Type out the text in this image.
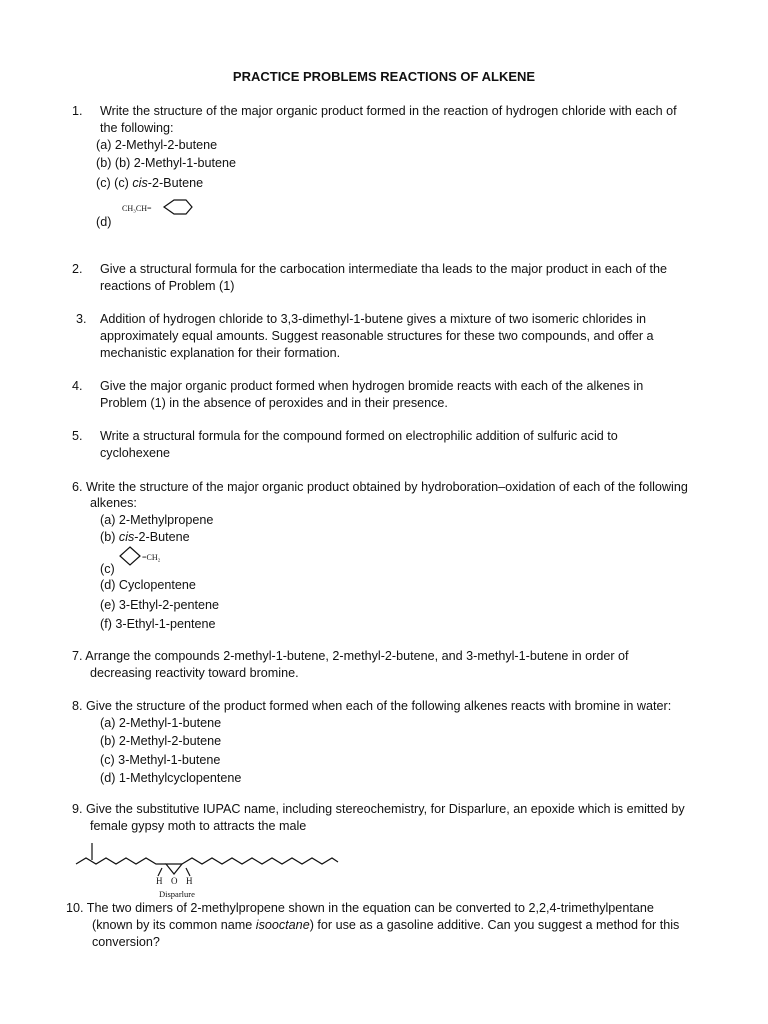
PRACTICE PROBLEMS REACTIONS OF ALKENE
1. Write the structure of the major organic product formed in the reaction of hydrogen chloride with each of
the following:
(a) 2-Methyl-2-butene
(b) (b) 2-Methyl-1-butene
(c) (c) cis-2-Butene
(d)
CH₃CH=
2. Give a structural formula for the carbocation intermediate tha leads to the major product in each of the
reactions of Problem (1)
3. Addition of hydrogen chloride to 3,3-dimethyl-1-butene gives a mixture of two isomeric chlorides in
approximately equal amounts. Suggest reasonable structures for these two compounds, and offer a
mechanistic explanation for their formation.
4. Give the major organic product formed when hydrogen bromide reacts with each of the alkenes in
Problem (1) in the absence of peroxides and in their presence.
5. Write a structural formula for the compound formed on electrophilic addition of sulfuric acid to
cyclohexene
6. Write the structure of the major organic product obtained by hydroboration–oxidation of each of the following
alkenes:
(a) 2-Methylpropene
(b) cis-2-Butene
(c)
=CH₂
(d) Cyclopentene
(e) 3-Ethyl-2-pentene
(f) 3-Ethyl-1-pentene
7. Arrange the compounds 2-methyl-1-butene, 2-methyl-2-butene, and 3-methyl-1-butene in order of
decreasing reactivity toward bromine.
8. Give the structure of the product formed when each of the following alkenes reacts with bromine in water:
(a) 2-Methyl-1-butene
(b) 2-Methyl-2-butene
(c) 3-Methyl-1-butene
(d) 1-Methylcyclopentene
9. Give the substitutive IUPAC name, including stereochemistry, for Disparlure, an epoxide which is emitted by
female gypsy moth to attracts the male
H O H
Disparlure
10. The two dimers of 2-methylpropene shown in the equation can be converted to 2,2,4-trimethylpentane
(known by its common name isooctane) for use as a gasoline additive. Can you suggest a method for this
conversion?
